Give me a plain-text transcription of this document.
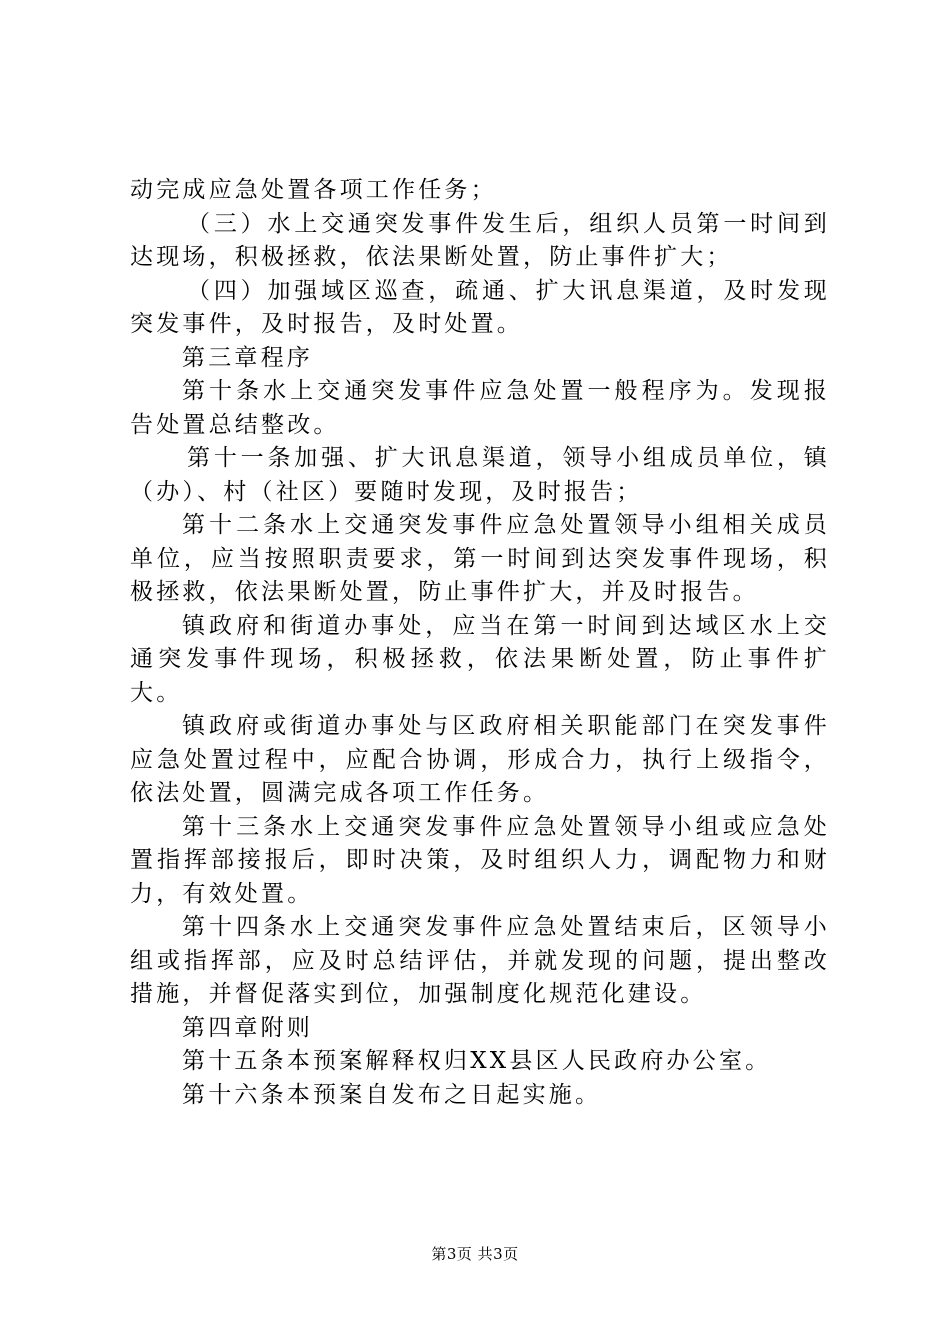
动完成应急处置各项工作任务；

（三）水上交通突发事件发生后，组织人员第一时间到达现场，积极拯救，依法果断处置，防止事件扩大；

（四）加强域区巡查，疏通、扩大讯息渠道，及时发现突发事件，及时报告，及时处置。

第三章程序

第十条水上交通突发事件应急处置一般程序为。发现报告处置总结整改。

第十一条加强、扩大讯息渠道，领导小组成员单位，镇（办）、村（社区）要随时发现，及时报告；

第十二条水上交通突发事件应急处置领导小组相关成员单位，应当按照职责要求，第一时间到达突发事件现场，积极拯救，依法果断处置，防止事件扩大，并及时报告。

镇政府和街道办事处，应当在第一时间到达域区水上交通突发事件现场，积极拯救，依法果断处置，防止事件扩大。

镇政府或街道办事处与区政府相关职能部门在突发事件应急处置过程中，应配合协调，形成合力，执行上级指令，依法处置，圆满完成各项工作任务。

第十三条水上交通突发事件应急处置领导小组或应急处置指挥部接报后，即时决策，及时组织人力，调配物力和财力，有效处置。

第十四条水上交通突发事件应急处置结束后，区领导小组或指挥部，应及时总结评估，并就发现的问题，提出整改措施，并督促落实到位，加强制度化规范化建设。

第四章附则

第十五条本预案解释权归XX县区人民政府办公室。

第十六条本预案自发布之日起实施。

第3页 共3页
